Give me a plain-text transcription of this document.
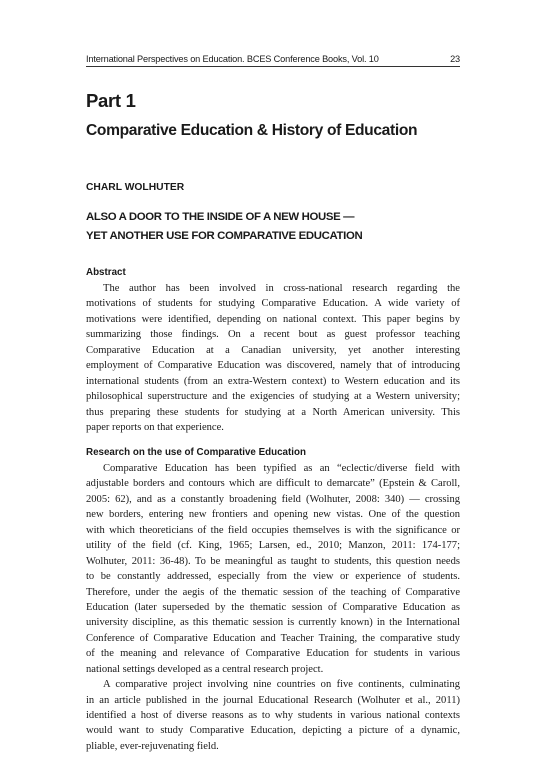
International Perspectives on Education. BCES Conference Books, Vol. 10	23
Part 1
Comparative Education & History of Education
CHARL WOLHUTER
ALSO A DOOR TO THE INSIDE OF A NEW HOUSE —
YET ANOTHER USE FOR COMPARATIVE EDUCATION
Abstract
The author has been involved in cross-national research regarding the
motivations of students for studying Comparative Education. A wide variety of
motivations were identified, depending on national context. This paper begins by
summarizing those findings. On a recent bout as guest professor teaching
Comparative Education at a Canadian university, yet another interesting
employment of Comparative Education was discovered, namely that of introducing
international students (from an extra-Western context) to Western education and its
philosophical superstructure and the exigencies of studying at a Western university;
thus preparing these students for studying at a North American university. This
paper reports on that experience.
Research on the use of Comparative Education
Comparative Education has been typified as an “eclectic/diverse field with
adjustable borders and contours which are difficult to demarcate” (Epstein & Caroll,
2005: 62), and as a constantly broadening field (Wolhuter, 2008: 340) — crossing
new borders, entering new frontiers and opening new vistas. One of the question
with which theoreticians of the field occupies themselves is with the significance or
utility of the field (cf. King, 1965; Larsen, ed., 2010; Manzon, 2011: 174-177;
Wolhuter, 2011: 36-48). To be meaningful as taught to students, this question needs
to be constantly addressed, especially from the view or experience of students.
Therefore, under the aegis of the thematic session of the teaching of Comparative
Education (later superseded by the thematic session of Comparative Education as
university discipline, as this thematic session is currently known) in the International
Conference of Comparative Education and Teacher Training, the comparative study
of the meaning and relevance of Comparative Education for students in various
national settings developed as a central research project.
A comparative project involving nine countries on five continents, culminating
in an article published in the journal Educational Research (Wolhuter et al., 2011)
identified a host of diverse reasons as to why students in various national contexts
would want to study Comparative Education, depicting a picture of a dynamic,
pliable, ever-rejuvenating field.
